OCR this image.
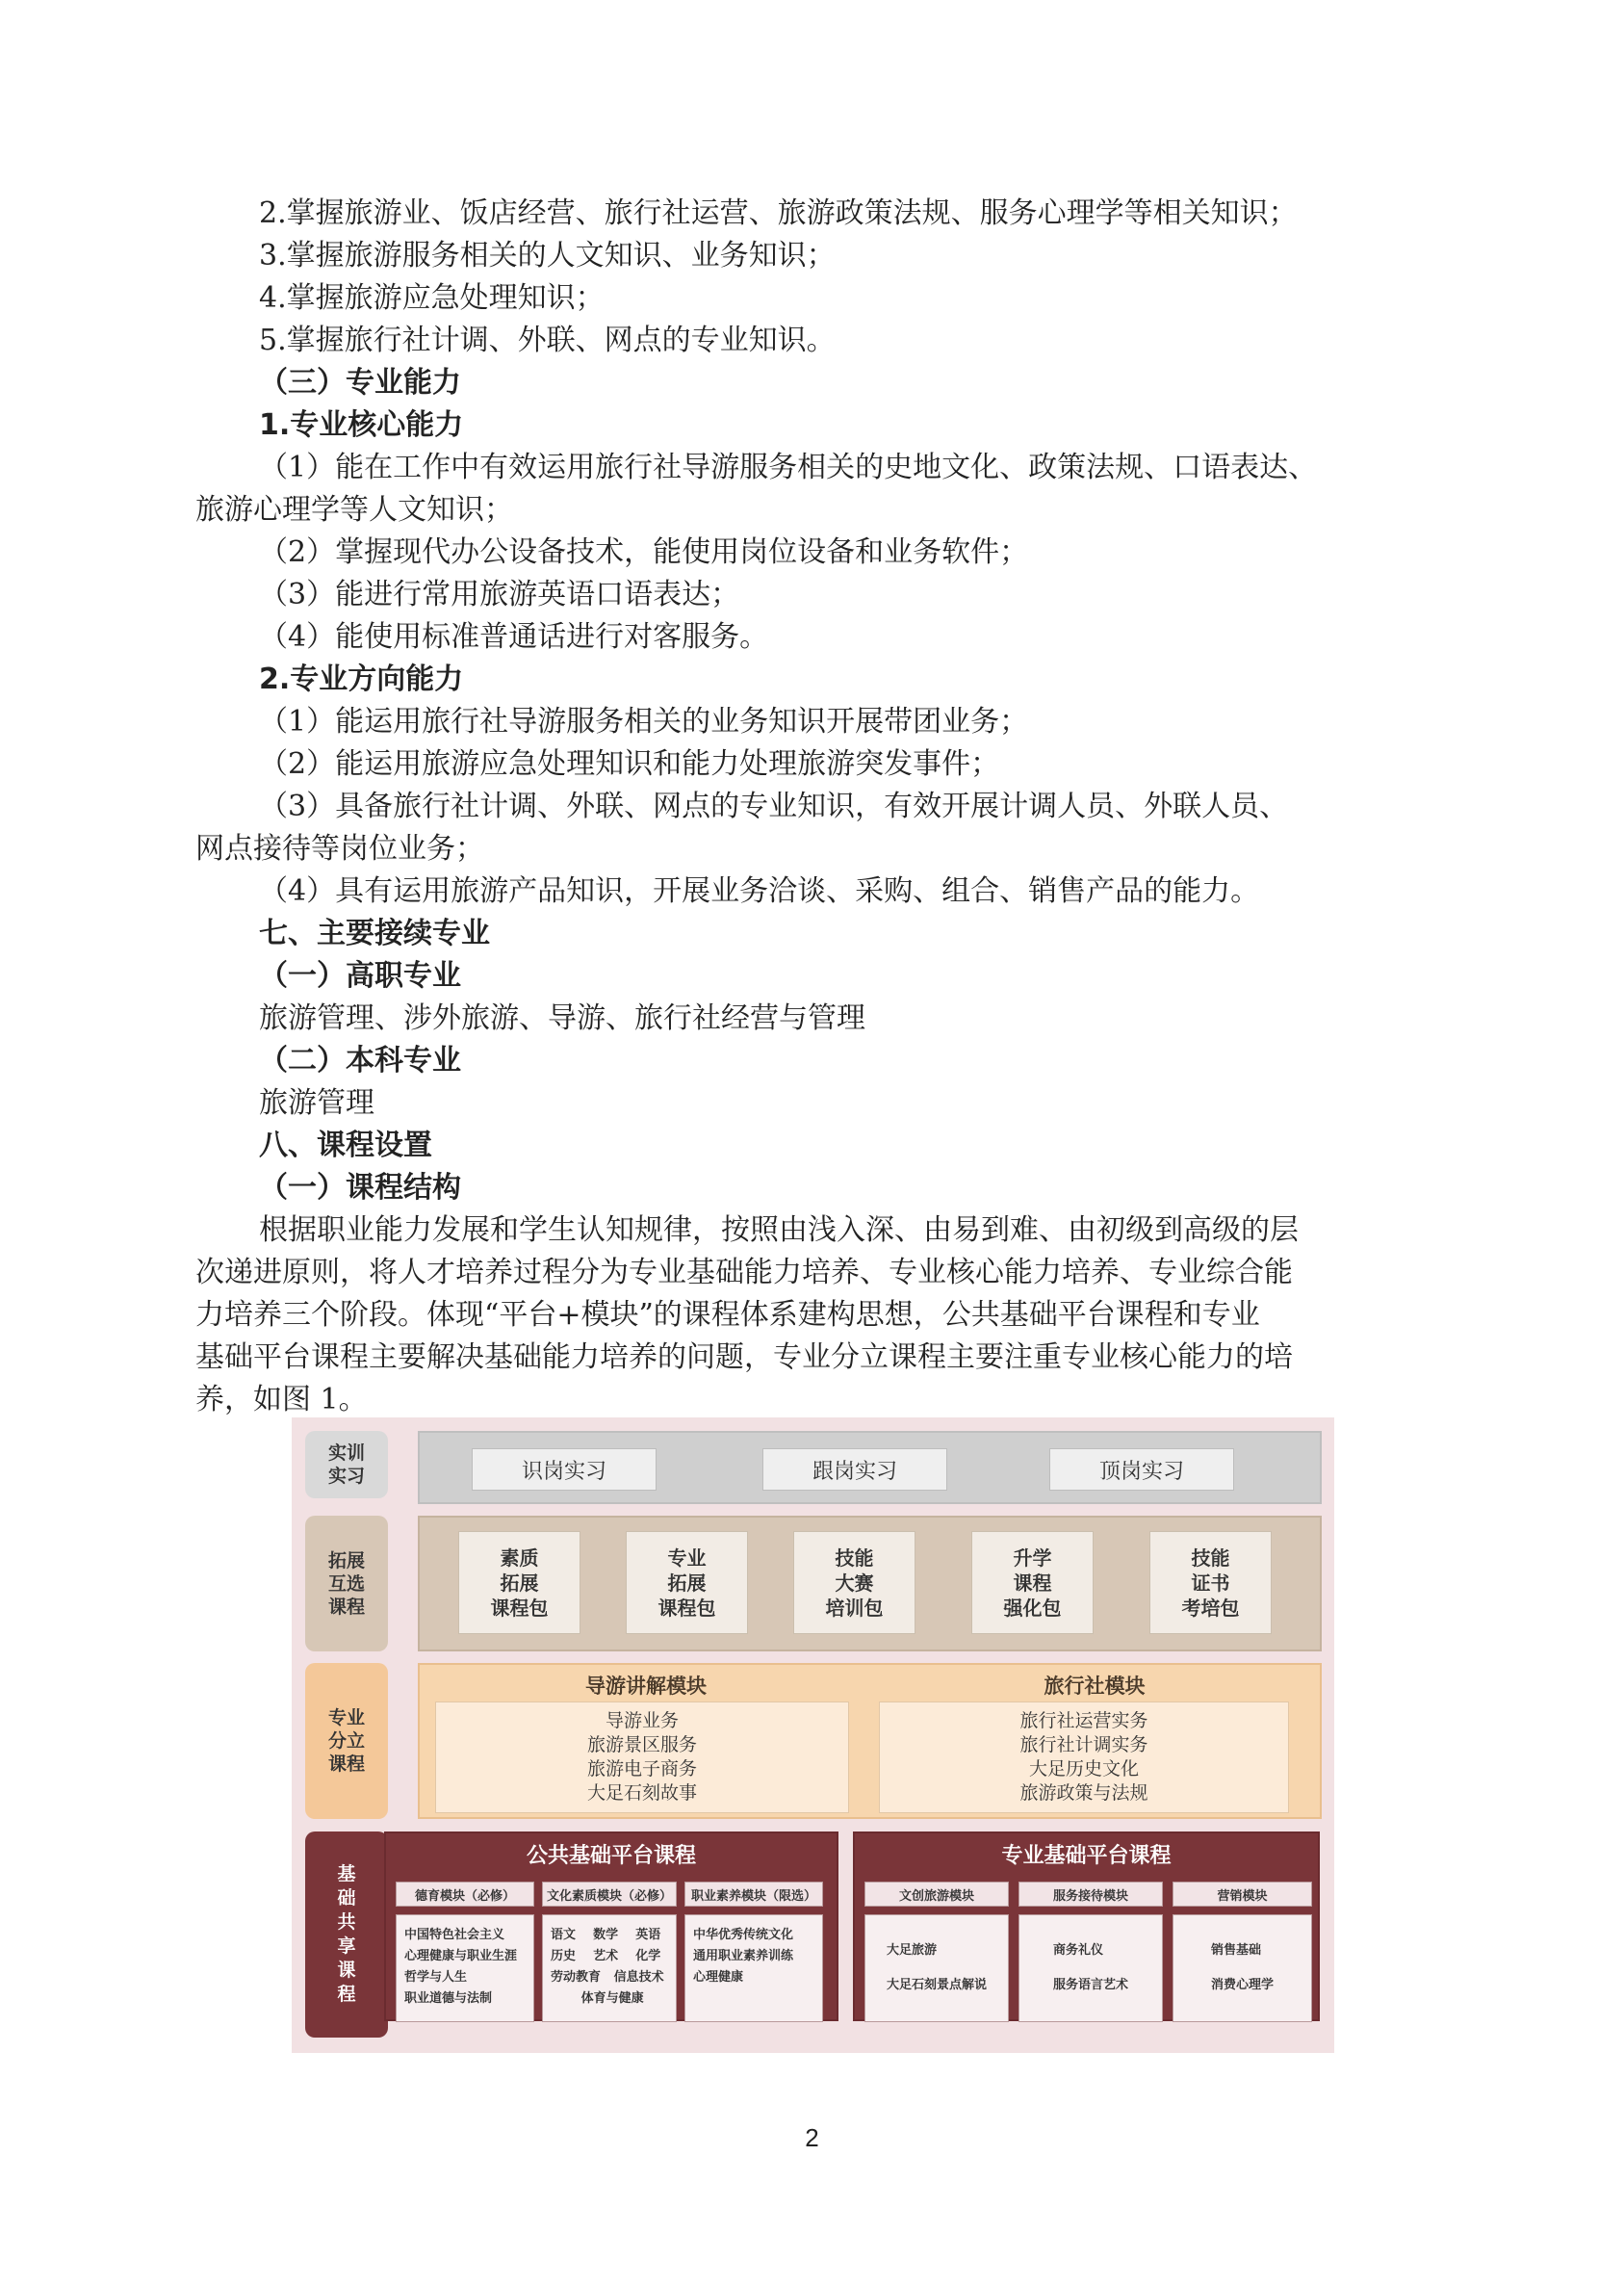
2.掌握旅游业、饭店经营、旅行社运营、旅游政策法规、服务心理学等相关知识；
3.掌握旅游服务相关的人文知识、业务知识；
4.掌握旅游应急处理知识；
5.掌握旅行社计调、外联、网点的专业知识。
（三）专业能力
1.专业核心能力
（1）能在工作中有效运用旅行社导游服务相关的史地文化、政策法规、口语表达、
旅游心理学等人文知识；
（2）掌握现代办公设备技术，能使用岗位设备和业务软件；
（3）能进行常用旅游英语口语表达；
（4）能使用标准普通话进行对客服务。
2.专业方向能力
（1）能运用旅行社导游服务相关的业务知识开展带团业务；
（2）能运用旅游应急处理知识和能力处理旅游突发事件；
（3）具备旅行社计调、外联、网点的专业知识，有效开展计调人员、外联人员、
网点接待等岗位业务；
（4）具有运用旅游产品知识，开展业务洽谈、采购、组合、销售产品的能力。
七、主要接续专业
（一）高职专业
旅游管理、涉外旅游、导游、旅行社经营与管理
（二）本科专业
旅游管理
八、课程设置
（一）课程结构
根据职业能力发展和学生认知规律，按照由浅入深、由易到难、由初级到高级的层
次递进原则，将人才培养过程分为专业基础能力培养、专业核心能力培养、专业综合能
力培养三个阶段。体现“平台+模块”的课程体系建构思想，公共基础平台课程和专业
基础平台课程主要解决基础能力培养的问题，专业分立课程主要注重专业核心能力的培
养，如图 1。
实训
实习	识岗实习	跟岗实习	顶岗实习
拓展
互选
课程
素质
拓展
课程包
专业
拓展
课程包
技能
大赛
培训包
升学
课程
强化包
技能
证书
考培包
专业
分立
课程
导游讲解模块
导游业务
旅游景区服务
旅游电子商务
大足石刻故事
旅行社模块
旅行社运营实务
旅行社计调实务
大足历史文化
旅游政策与法规
基
础
共
享
课
程
公共基础平台课程
德育模块（必修）	文化素质模块（必修）	职业素养模块（限选）
中国特色社会主义
心理健康与职业生涯
哲学与人生
职业道德与法制
语文    数学    英语
历史    艺术    化学
劳动教育   信息技术
体育与健康
中华优秀传统文化
通用职业素养训练
心理健康
专业基础平台课程
文创旅游模块	服务接待模块	营销模块
大足旅游
大足石刻景点解说
商务礼仪
服务语言艺术
销售基础
消费心理学
2
